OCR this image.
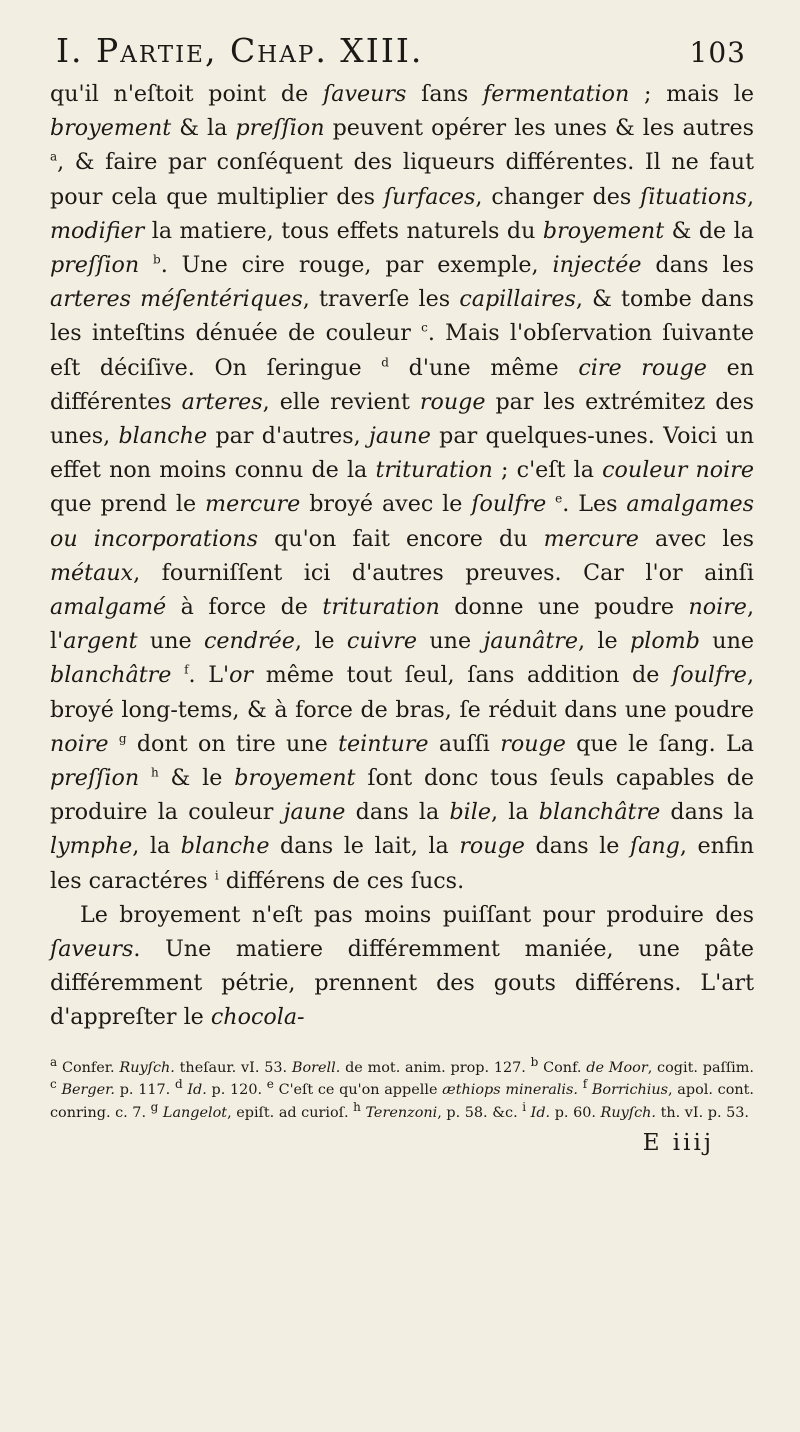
I. Partie, Chap. XIII.	103

qu'il n'eſtoit point de ſaveurs ſans fermentation ; mais le broyement & la preſſion peuvent opérer les unes & les autres $^a$, & faire par conſéquent des liqueurs différentes. Il ne faut pour cela que multiplier des ſurfaces, changer des ſituations, modifier la matiere, tous effets naturels du broyement & de la preſſion $^b$. Une cire rouge, par exemple, injectée dans les arteres méſentériques, traverſe les capillaires, & tombe dans les inteſtins dénuée de couleur $^c$. Mais l'obſervation ſuivante eſt déciſive. On ſeringue $^d$ d'une même cire rouge en différentes arteres, elle revient rouge par les extrémitez des unes, blanche par d'autres, jaune par quelques-unes. Voici un effet non moins connu de la trituration ; c'eſt la couleur noire que prend le mercure broyé avec le ſoulfre $^e$. Les amalgames ou incorporations qu'on fait encore du mercure avec les métaux, fourniſſent ici d'autres preuves. Car l'or ainſi amalgamé à force de trituration donne une poudre noire, l'argent une cendrée, le cuivre une jaunâtre, le plomb une blanchâtre $^f$. L'or même tout ſeul, ſans addition de ſoulfre, broyé long-tems, & à force de bras, ſe réduit dans une poudre noire $^g$ dont on tire une teinture auſſi rouge que le ſang. La preſſion $^h$ & le broyement ſont donc tous ſeuls capables de produire la couleur jaune dans la bile, la blanchâtre dans la lymphe, la blanche dans le lait, la rouge dans le ſang, enfin les caractéres $^i$ différens de ces ſucs.

Le broyement n'eſt pas moins puiſſant pour produire des ſaveurs. Une matiere différemment maniée, une pâte différemment pétrie, prennent des gouts différens. L'art d'appreſter le chocola-

$^a$ Confer. Ruyſch. theſaur. vI. 53. Borell. de mot. anim. prop. 127. $^b$ Conf. de Moor, cogit. paſſim. $^c$ Berger. p. 117. $^d$ Id. p. 120. $^e$ C'eſt ce qu'on appelle æthiops mineralis. $^f$ Borrichius, apol. cont. conring. c. 7. $^g$ Langelot, epiſt. ad curioſ. $^h$ Terenzoni, p. 58. &c. $^i$ Id. p. 60. Ruyſch. th. vI. p. 53.

E iiij
